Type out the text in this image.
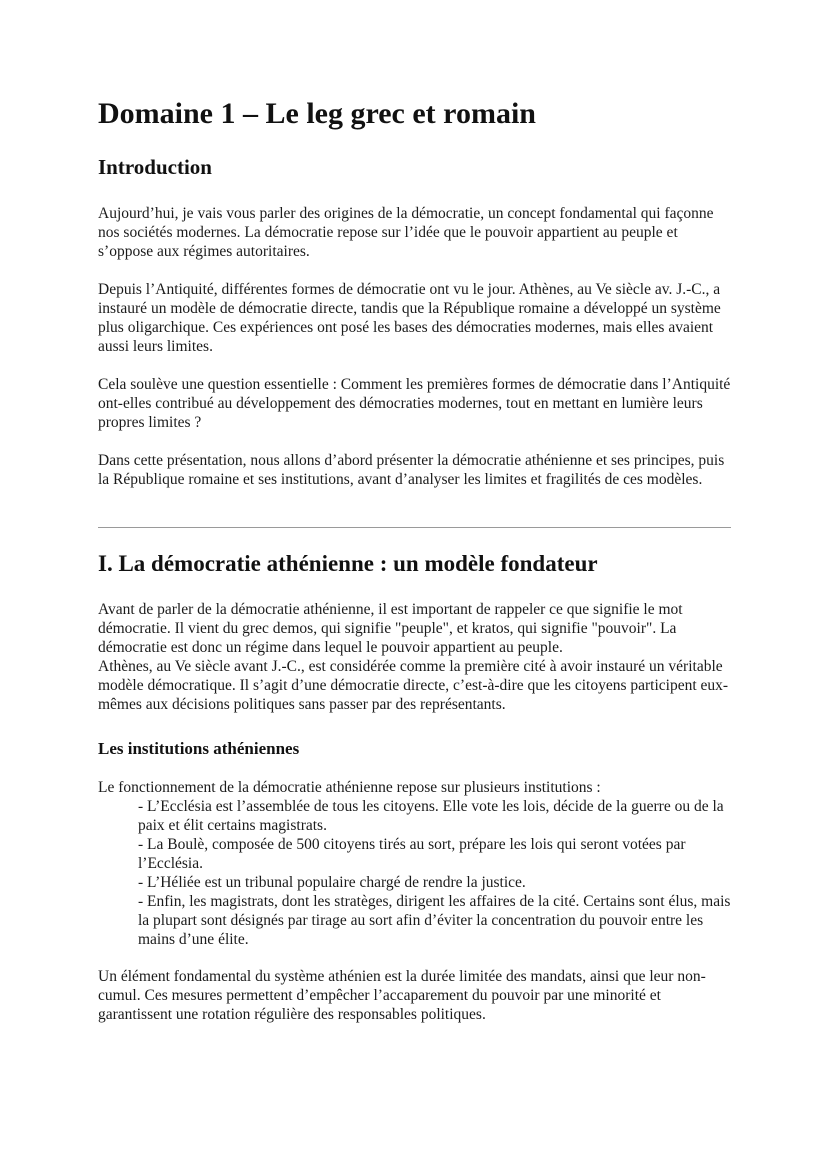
Domaine 1 – Le leg grec et romain
Introduction

Aujourd’hui, je vais vous parler des origines de la démocratie, un concept fondamental qui façonne nos sociétés modernes. La démocratie repose sur l’idée que le pouvoir appartient au peuple et s’oppose aux régimes autoritaires.

Depuis l’Antiquité, différentes formes de démocratie ont vu le jour. Athènes, au Ve siècle av. J.-C., a instauré un modèle de démocratie directe, tandis que la République romaine a développé un système plus oligarchique. Ces expériences ont posé les bases des démocraties modernes, mais elles avaient aussi leurs limites.

Cela soulève une question essentielle : Comment les premières formes de démocratie dans l’Antiquité ont-elles contribué au développement des démocraties modernes, tout en mettant en lumière leurs propres limites ?

Dans cette présentation, nous allons d’abord présenter la démocratie athénienne et ses principes, puis la République romaine et ses institutions, avant d’analyser les limites et fragilités de ces modèles.

I. La démocratie athénienne : un modèle fondateur

Avant de parler de la démocratie athénienne, il est important de rappeler ce que signifie le mot démocratie. Il vient du grec demos, qui signifie "peuple", et kratos, qui signifie "pouvoir". La démocratie est donc un régime dans lequel le pouvoir appartient au peuple.

Athènes, au Ve siècle avant J.-C., est considérée comme la première cité à avoir instauré un véritable modèle démocratique. Il s’agit d’une démocratie directe, c’est-à-dire que les citoyens participent eux-mêmes aux décisions politiques sans passer par des représentants.

Les institutions athéniennes

Le fonctionnement de la démocratie athénienne repose sur plusieurs institutions :

- L’Ecclésia est l’assemblée de tous les citoyens. Elle vote les lois, décide de la guerre ou de la paix et élit certains magistrats.
- La Boulè, composée de 500 citoyens tirés au sort, prépare les lois qui seront votées par l’Ecclésia.
- L’Héliée est un tribunal populaire chargé de rendre la justice.
- Enfin, les magistrats, dont les stratèges, dirigent les affaires de la cité. Certains sont élus, mais la plupart sont désignés par tirage au sort afin d’éviter la concentration du pouvoir entre les mains d’une élite.

Un élément fondamental du système athénien est la durée limitée des mandats, ainsi que leur non-cumul. Ces mesures permettent d’empêcher l’accaparement du pouvoir par une minorité et garantissent une rotation régulière des responsables politiques.
